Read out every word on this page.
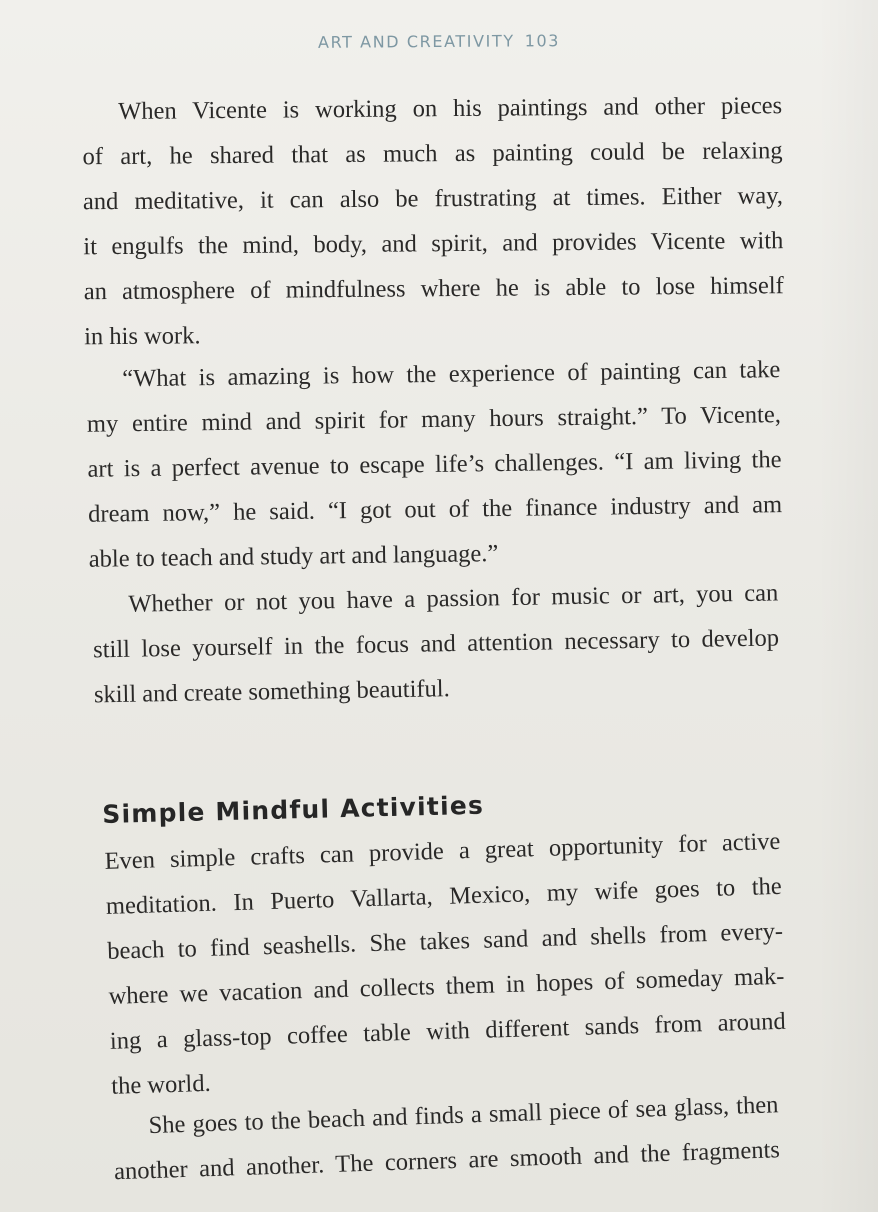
ART AND CREATIVITY 103
When Vicente is working on his paintings and other pieces
of art, he shared that as much as painting could be relaxing
and meditative, it can also be frustrating at times. Either way,
it engulfs the mind, body, and spirit, and provides Vicente with
an atmosphere of mindfulness where he is able to lose himself
in his work.
“What is amazing is how the experience of painting can take
my entire mind and spirit for many hours straight.” To Vicente,
art is a perfect avenue to escape life’s challenges. “I am living the
dream now,” he said. “I got out of the finance industry and am
able to teach and study art and language.”
Whether or not you have a passion for music or art, you can
still lose yourself in the focus and attention necessary to develop
skill and create something beautiful.
Simple Mindful Activities
Even simple crafts can provide a great opportunity for active
meditation. In Puerto Vallarta, Mexico, my wife goes to the
beach to find seashells. She takes sand and shells from every-
where we vacation and collects them in hopes of someday mak-
ing a glass-top coffee table with different sands from around
the world.
She goes to the beach and finds a small piece of sea glass, then
another and another. The corners are smooth and the fragments
